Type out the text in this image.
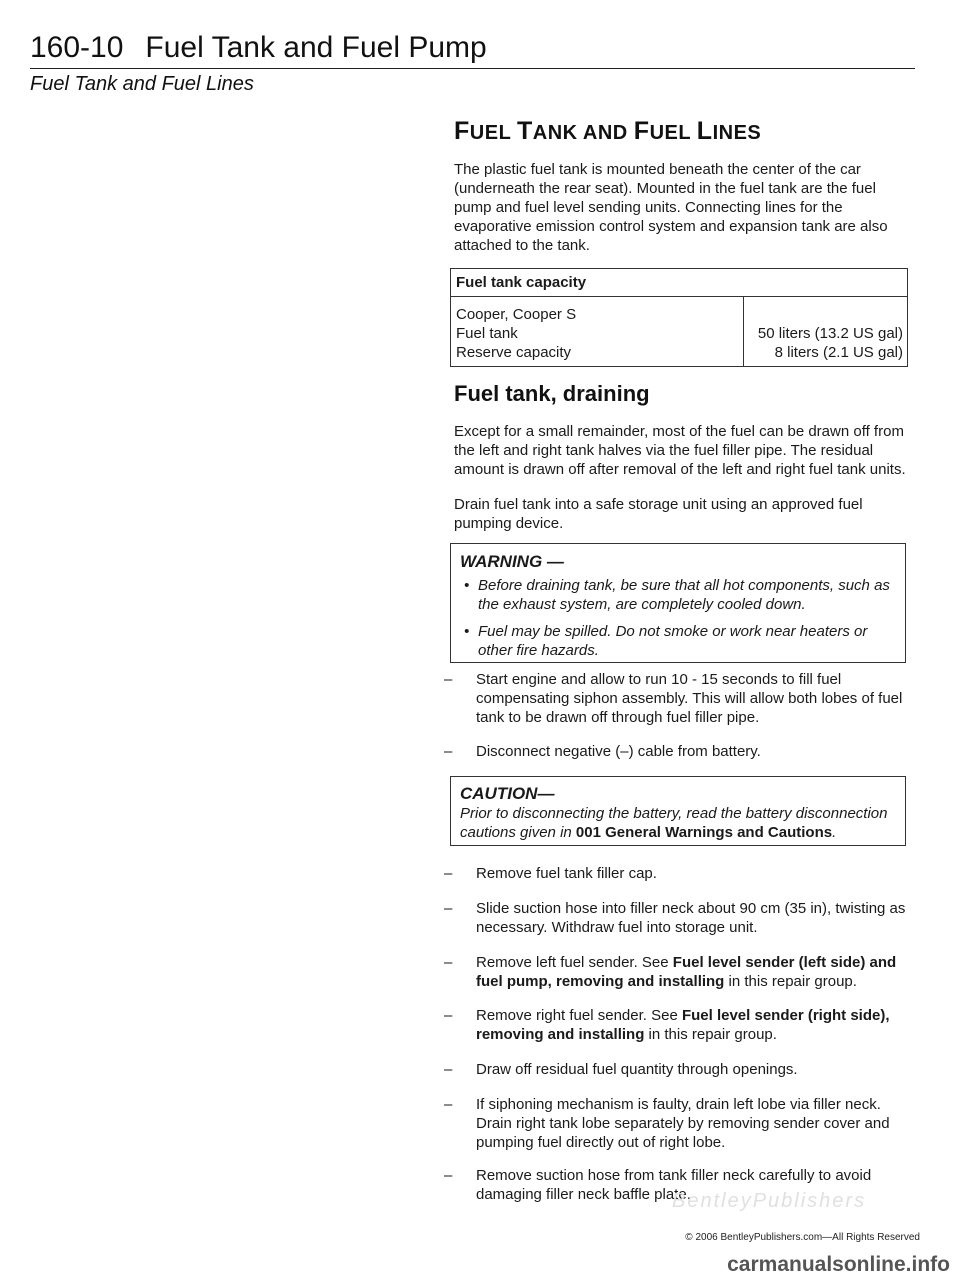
160-10 Fuel Tank and Fuel Pump
Fuel Tank and Fuel Lines
FUEL TANK AND FUEL LINES

The plastic fuel tank is mounted beneath the center of the car (underneath the rear seat). Mounted in the fuel tank are the fuel pump and fuel level sending units. Connecting lines for the evaporative emission control system and expansion tank are also attached to the tank.

Fuel tank capacity
Cooper, Cooper S
Fuel tank
Reserve capacity
50 liters (13.2 US gal)
8 liters (2.1 US gal)
Fuel tank, draining

Except for a small remainder, most of the fuel can be drawn off from the left and right tank halves via the fuel filler pipe. The residual amount is drawn off after removal of the left and right fuel tank units.

Drain fuel tank into a safe storage unit using an approved fuel pumping device.

WARNING —
• Before draining tank, be sure that all hot components, such as the exhaust system, are completely cooled down.
• Fuel may be spilled. Do not smoke or work near heaters or other fire hazards.
– Start engine and allow to run 10 - 15 seconds to fill fuel compensating siphon assembly. This will allow both lobes of fuel tank to be drawn off through fuel filler pipe.

– Disconnect negative (–) cable from battery.

CAUTION—
Prior to disconnecting the battery, read the battery disconnection cautions given in 001 General Warnings and Cautions.
– Remove fuel tank filler cap.

– Slide suction hose into filler neck about 90 cm (35 in), twisting as necessary. Withdraw fuel into storage unit.

– Remove left fuel sender. See Fuel level sender (left side) and fuel pump, removing and installing in this repair group.

– Remove right fuel sender. See Fuel level sender (right side), removing and installing in this repair group.

– Draw off residual fuel quantity through openings.

– If siphoning mechanism is faulty, drain left lobe via filler neck. Drain right tank lobe separately by removing sender cover and pumping fuel directly out of right lobe.

– Remove suction hose from tank filler neck carefully to avoid damaging filler neck baffle plate.

BentleyPublishers
© 2006 BentleyPublishers.com—All Rights Reserved
carmanualsonline.info
